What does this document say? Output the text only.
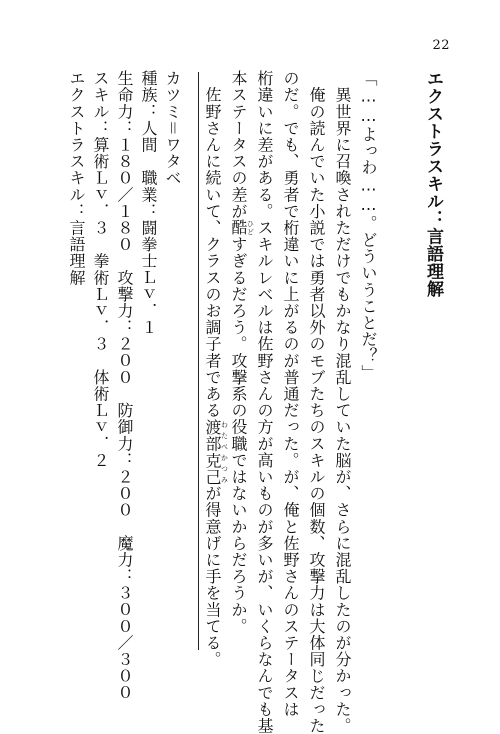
22
エクストラスキル：言語理解
「……よっわ……。どういうことだ？」
　異世界に召喚されただけでもかなり混乱していた脳が、さらに混乱したのが分かった。
　俺の読んでいた小説では勇者以外のモブたちのスキルの個数、攻撃力は大体同じだった
のだ。でも、勇者で桁違いに上がるのが普通だった。が、俺と佐野さんのステータスは
桁違いに差がある。スキルレベルは佐野さんの方が高いものが多いが、いくらなんでも基
本ステータスの差が酷ひどすぎるだろう。攻撃系の役職ではないからだろうか。
　佐野さんに続いて、クラスのお調子者である渡部克己わたべかつみが得意げに手を当てる。
カツミ＝ワタベ
種族：人間　職業：闘拳士Ｌｖ．１
生命力：１８０／１８０　攻撃力：２００　防御力：２００　魔力：３００／３００
スキル：算術Ｌｖ．３　拳術Ｌｖ．３　体術Ｌｖ．２
エクストラスキル：言語理解
